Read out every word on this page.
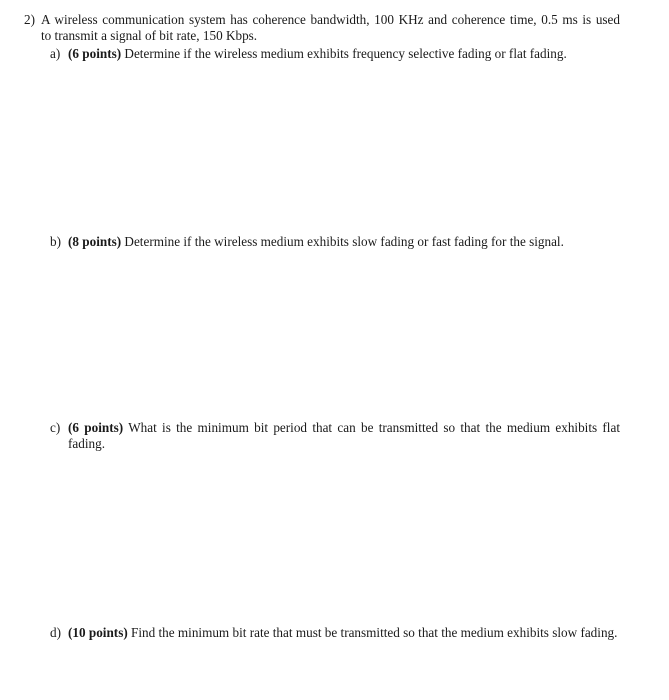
2) A wireless communication system has coherence bandwidth, 100 KHz and coherence time, 0.5 ms is used
to transmit a signal of bit rate, 150 Kbps.
a) (6 points) Determine if the wireless medium exhibits frequency selective fading or flat fading.
b) (8 points) Determine if the wireless medium exhibits slow fading or fast fading for the signal.
c) (6 points) What is the minimum bit period that can be transmitted so that the medium exhibits flat
fading.
d) (10 points) Find the minimum bit rate that must be transmitted so that the medium exhibits slow fading.
